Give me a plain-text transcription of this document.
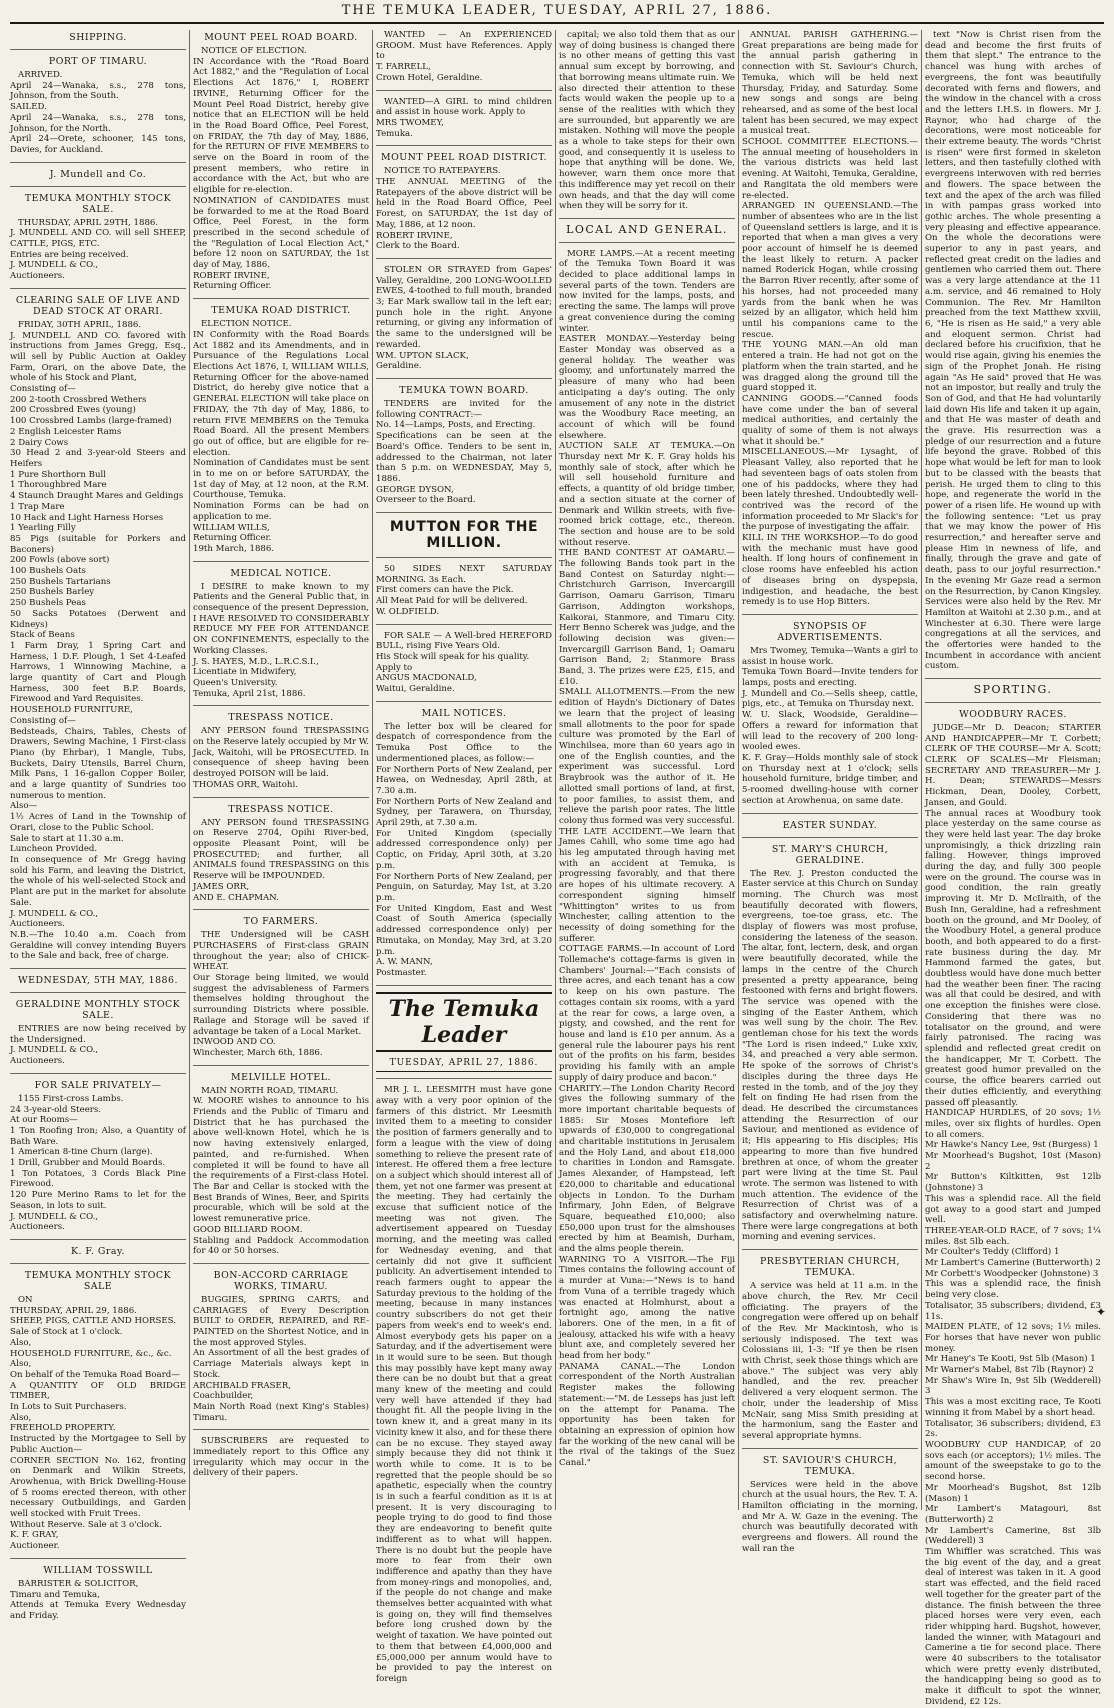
THE TEMUKA LEADER, TUESDAY, APRIL 27, 1886.
SHIPPING.
PORT OF TIMARU.
ARRIVED.
April 24—Wanaka, s.s., 278 tons, Johnson, from the South.
SAILED.
April 24—Wanaka, s.s., 278 tons, Johnson, for the North.
April 24—Orete, schooner, 145 tons, Davies, for Auckland.
J. Mundell and Co.
TEMUKA MONTHLY STOCK SALE.
THURSDAY, APRIL 29TH, 1886.
J. MUNDELL AND CO. will sell SHEEP, CATTLE, PIGS, ETC.
Entries are being received.
J. MUNDELL & CO.,
Auctioneers.
CLEARING SALE OF LIVE AND DEAD STOCK AT ORARI.
FRIDAY, 30TH APRIL, 1886.
J. MUNDELL AND CO. favored with instructions from James Gregg, Esq., will sell by Public Auction at Oakley Farm, Orari, on the above Date, the whole of his Stock and Plant,
Consisting of—
200 2-tooth Crossbred Wethers
200 Crossbred Ewes (young)
100 Crossbred Lambs (large-framed)
2 English Leicester Rams
2 Dairy Cows
30 Head 2 and 3-year-old Steers and Heifers
1 Pure Shorthorn Bull
1 Thoroughbred Mare
4 Staunch Draught Mares and Geldings
1 Trap Mare
10 Hack and Light Harness Horses
1 Yearling Filly
85 Pigs (suitable for Porkers and Baconers)
200 Fowls (above sort)
100 Bushels Oats
250 Bushels Tartarians
250 Bushels Barley
250 Bushels Peas
50 Sacks Potatoes (Derwent and Kidneys)
Stack of Beans
1 Farm Dray, 1 Spring Cart and Harness, 1 D.F. Plough, 1 Set 4-Leafed Harrows, 1 Winnowing Machine, a large quantity of Cart and Plough Harness, 300 feet B.P. Boards, Firewood and Yard Requisites.
HOUSEHOLD FURNITURE,
Consisting of—
Bedsteads, Chairs, Tables, Chests of Drawers, Sewing Machine, 1 First-class Piano (by Ehrbar), 1 Mangle, Tubs, Buckets, Dairy Utensils, Barrel Churn, Milk Pans, 1 16-gallon Copper Boiler, and a large quantity of Sundries too numerous to mention.
Also—
1½ Acres of Land in the Township of Orari, close to the Public School.
Sale to start at 11.30 a.m.
Luncheon Provided.
In consequence of Mr Gregg having sold his Farm, and leaving the District, the whole of his well-selected Stock and Plant are put in the market for absolute Sale.
J. MUNDELL & CO.,
Auctioneers.
N.B.—The 10.40 a.m. Coach from Geraldine will convey intending Buyers to the Sale and back, free of charge.
WEDNESDAY, 5TH MAY, 1886.
GERALDINE MONTHLY STOCK SALE.
ENTRIES are now being received by the Undersigned.
J. MUNDELL & CO.,
Auctioneers.
FOR SALE PRIVATELY—
1155 First-cross Lambs.
24 3-year-old Steers.
At our Rooms—
1 Ton Roofing Iron; Also, a Quantity of Bath Ware.
1 American 8-tine Churn (large).
1 Drill, Grubber and Mould Boards.
1 Ton Potatoes, 3 Cords Black Pine Firewood.
120 Pure Merino Rams to let for the Season, in lots to suit.
J. MUNDELL & CO.,
Auctioneers.
K. F. Gray.
TEMUKA MONTHLY STOCK SALE
ON
THURSDAY, APRIL 29, 1886.
SHEEP, PIGS, CATTLE AND HORSES.
Sale of Stock at 1 o'clock.
Also,
HOUSEHOLD FURNITURE, &c., &c.
Also,
On behalf of the Temuka Road Board—
A QUANTITY OF OLD BRIDGE TIMBER,
In Lots to Suit Purchasers.
Also,
FREEHOLD PROPERTY.
Instructed by the Mortgagee to Sell by Public Auction—
CORNER SECTION No. 162, fronting on Denmark and Wilkin Streets, Arowhenua, with Brick Dwelling-House of 5 rooms erected thereon, with other necessary Outbuildings, and Garden well stocked with Fruit Trees.
Without Reserve. Sale at 3 o'clock.
K. F. GRAY,
Auctioneer.
WILLIAM TOSSWILL
BARRISTER & SOLICITOR,
Timaru and Temuka,
Attends at Temuka Every Wednesday and Friday.
MOUNT PEEL ROAD BOARD.
NOTICE OF ELECTION.
IN Accordance with the "Road Board Act 1882," and the "Regulation of Local Elections Act 1876," I, ROBERT IRVINE, Returning Officer for the Mount Peel Road District, hereby give notice that an ELECTION will be held in the Road Board Office, Peel Forest, on FRIDAY, the 7th day of May, 1886, for the RETURN OF FIVE MEMBERS to serve on the Board in room of the present members, who retire in accordance with the Act, but who are eligible for re-election.
NOMINATION of CANDIDATES must be forwarded to me at the Road Board Office, Peel Forest, in the form prescribed in the second schedule of the "Regulation of Local Election Act," before 12 noon on SATURDAY, the 1st day of May, 1886.
ROBERT IRVINE,
Returning Officer.
TEMUKA ROAD DISTRICT.
ELECTION NOTICE.
IN Conformity with the Road Boards Act 1882 and its Amendments, and in Pursuance of the Regulations Local Elections Act 1876, I, WILLIAM WILLS, Returning Officer for the above-named District, do hereby give notice that a GENERAL ELECTION will take place on FRIDAY, the 7th day of May, 1886, to return FIVE MEMBERS on the Temuka Road Board. All the present Members go out of office, but are eligible for re-election.
Nomination of Candidates must be sent in to me on or before SATURDAY, the 1st day of May, at 12 noon, at the R.M. Courthouse, Temuka.
Nomination Forms can be had on application to me.
WILLIAM WILLS,
Returning Officer.
19th March, 1886.
MEDICAL NOTICE.
I DESIRE to make known to my Patients and the General Public that, in consequence of the present Depression, I HAVE RESOLVED TO CONSIDERABLY REDUCE MY FEE FOR ATTENDANCE ON CONFINEMENTS, especially to the Working Classes.
J. S. HAYES, M.D., L.R.C.S.I.,
Licentiate in Midwifery,
Queen's University.
Temuka, April 21st, 1886.
TRESPASS NOTICE.
ANY PERSON found TRESPASSING on the Reserve lately occupied by Mr W. Jack, Waitohi, will be PROSECUTED. In consequence of sheep having been destroyed POISON will be laid.
THOMAS ORR, Waitohi.
TRESPASS NOTICE.
ANY PERSON found TRESPASSING on Reserve 2704, Opihi River-bed, opposite Pleasant Point, will be PROSECUTED; and further, all ANIMALS found TRESPASSING on this Reserve will be IMPOUNDED.
JAMES ORR,
AND E. CHAPMAN.
TO FARMERS.
THE Undersigned will be CASH PURCHASERS of First-class GRAIN throughout the year; also of CHICK-WHEAT.
Our Storage being limited, we would suggest the advisableness of Farmers themselves holding throughout the surrounding Districts where possible. Railage and Storage will be saved if advantage be taken of a Local Market.
INWOOD AND CO.
Winchester, March 6th, 1886.
MELVILLE HOTEL.
MAIN NORTH ROAD, TIMARU.
W. MOORE wishes to announce to his Friends and the Public of Timaru and District that he has purchased the above well-known Hotel, which he is now having extensively enlarged, painted, and re-furnished. When completed it will be found to have all the requirements of a First-class Hotel. The Bar and Cellar is stocked with the Best Brands of Wines, Beer, and Spirits procurable, which will be sold at the lowest remunerative price.
GOOD BILLIARD ROOM.
Stabling and Paddock Accommodation for 40 or 50 horses.
BON-ACCORD CARRIAGE WORKS, TIMARU.
BUGGIES, SPRING CARTS, and CARRIAGES of Every Description BUILT to ORDER, REPAIRED, and RE-PAINTED on the Shortest Notice, and in the most approved Styles.
An Assortment of all the best grades of Carriage Materials always kept in Stock.
ARCHIBALD FRASER,
Coachbuilder,
Main North Road (next King's Stables) Timaru.
SUBSCRIBERS are requested to immediately report to this Office any irregularity which may occur in the delivery of their papers.
WANTED — An EXPERIENCED GROOM. Must have References. Apply to
T. FARRELL,
Crown Hotel, Geraldine.
WANTED—A GIRL to mind children and assist in house work. Apply to
MRS TWOMEY,
Temuka.
MOUNT PEEL ROAD DISTRICT.
NOTICE TO RATEPAYERS.
THE ANNUAL MEETING of the Ratepayers of the above district will be held in the Road Board Office, Peel Forest, on SATURDAY, the 1st day of May, 1886, at 12 noon.
ROBERT IRVINE,
Clerk to the Board.
STOLEN OR STRAYED from Gapes' Valley, Geraldine, 200 LONG-WOOLLED EWES, 4-toothed to full mouth, branded 3; Ear Mark swallow tail in the left ear; punch hole in the right. Anyone returning, or giving any information of the same to the undersigned will be rewarded.
WM. UPTON SLACK,
Geraldine.
TEMUKA TOWN BOARD.
TENDERS are invited for the following CONTRACT:—
No. 14—Lamps, Posts, and Erecting.
Specifications can be seen at the Board's Office. Tenders to be sent in, addressed to the Chairman, not later than 5 p.m. on WEDNESDAY, May 5, 1886.
GEORGE DYSON,
Overseer to the Board.
MUTTON FOR THE MILLION.
50 SIDES NEXT SATURDAY MORNING. 3s Each.
First comers can have the Pick.
All Meat Paid for will be delivered.
W. OLDFIELD.
FOR SALE — A Well-bred HEREFORD BULL, rising Five Years Old.
His Stock will speak for his quality.
Apply to
ANGUS MACDONALD,
Waitui, Geraldine.
MAIL NOTICES.
The letter box will be cleared for despatch of correspondence from the Temuka Post Office to the undermentioned places, as follow:—
For Northern Ports of New Zealand, per Hawea, on Wednesday, April 28th, at 7.30 a.m.
For Northern Ports of New Zealand and Sydney, per Tarawera, on Thursday, April 29th, at 7.30 a.m.
For United Kingdom (specially addressed correspondence only) per Coptic, on Friday, April 30th, at 3.20 p.m.
For Northern Ports of New Zealand, per Penguin, on Saturday, May 1st, at 3.20 p.m.
For United Kingdom, East and West Coast of South America (specially addressed correspondence only) per Rimutaka, on Monday, May 3rd, at 3.20 p.m.
A. W. MANN,
Postmaster.
The Temuka Leader
TUESDAY, APRIL 27, 1886.
MR J. L. LEESMITH must have gone away with a very poor opinion of the farmers of this district. Mr Leesmith invited them to a meeting to consider the position of farmers generally and to form a league with the view of doing something to relieve the present rate of interest. He offered them a free lecture on a subject which should interest all of them, yet not one farmer was present at the meeting. They had certainly the excuse that sufficient notice of the meeting was not given. The advertisement appeared on Tuesday morning, and the meeting was called for Wednesday evening, and that certainly did not give it sufficient publicity. An advertisement intended to reach farmers ought to appear the Saturday previous to the holding of the meeting, because in many instances country subscribers do not get their papers from week's end to week's end. Almost everybody gets his paper on a Saturday, and if the advertisement were in it would sure to be seen. But though this may possibly have kept many away there can be no doubt but that a great many knew of the meeting and could very well have attended if they had thought fit. All the people living in the town knew it, and a great many in its vicinity knew it also, and for these there can be no excuse. They stayed away simply because they did not think it worth while to come. It is to be regretted that the people should be so apathetic, especially when the country is in such a fearful condition as it is at present. It is very discouraging to people trying to do good to find those they are endeavoring to benefit quite indifferent as to what will happen. There is no doubt but the people have more to fear from their own indifference and apathy than they have from money-rings and monopolies, and, if the people do not change and make themselves better acquainted with what is going on, they will find themselves before long crushed down by the weight of taxation. We have pointed out to them that between £4,000,000 and £5,000,000 per annum would have to be provided to pay the interest on foreign
capital; we also told them that as our way of doing business is changed there is no other means of getting this vast annual sum except by borrowing, and that borrowing means ultimate ruin. We also directed their attention to these facts would waken the people up to a sense of the realities with which they are surrounded, but apparently we are mistaken. Nothing will move the people as a whole to take steps for their own good, and consequently it is useless to hope that anything will be done. We, however, warn them once more that this indifference may yet recoil on their own heads, and that the day will come when they will be sorry for it.
LOCAL AND GENERAL.
MORE LAMPS.—At a recent meeting of the Temuka Town Board it was decided to place additional lamps in several parts of the town. Tenders are now invited for the lamps, posts, and erecting the same. The lamps will prove a great convenience during the coming winter.
EASTER MONDAY.—Yesterday being Easter Monday was observed as a general holiday. The weather was gloomy, and unfortunately marred the pleasure of many who had been anticipating a day's outing. The only amusement of any note in the district was the Woodbury Race meeting, an account of which will be found elsewhere.
AUCTION SALE AT TEMUKA.—On Thursday next Mr K. F. Gray holds his monthly sale of stock, after which he will sell household furniture and effects, a quantity of old bridge timber, and a section situate at the corner of Denmark and Wilkin streets, with five-roomed brick cottage, etc., thereon. The section and house are to be sold without reserve.
THE BAND CONTEST AT OAMARU.—The following Bands took part in the Band Contest on Saturday night:—Christchurch Garrison, Invercargill Garrison, Oamaru Garrison, Timaru Garrison, Addington workshops, Kaikorai, Stanmore, and Timaru City. Herr Benno Scherek was judge, and the following decision was given:—Invercargill Garrison Band, 1; Oamaru Garrison Band, 2; Stanmore Brass Band, 3. The prizes were £25, £15, and £10.
SMALL ALLOTMENTS.—From the new edition of Haydn's Dictionary of Dates we learn that the project of leasing small allotments to the poor for spade culture was promoted by the Earl of Winchilsea, more than 60 years ago in one of the English counties, and the experiment was successful. Lord Braybrook was the author of it. He allotted small portions of land, at first, to poor families, to assist them, and relieve the parish poor rates. The little colony thus formed was very successful.
THE LATE ACCIDENT.—We learn that James Cahill, who some time ago had his leg amputated through having met with an accident at Temuka, is progressing favorably, and that there are hopes of his ultimate recovery. A correspondent signing himself "Whittington" writes to us from Winchester, calling attention to the necessity of doing something for the sufferer.
COTTAGE FARMS.—In account of Lord Tollemache's cottage-farms is given in Chambers' Journal:—"Each consists of three acres, and each tenant has a cow to keep on his own pasture. The cottages contain six rooms, with a yard at the rear for cows, a large oven, a pigsty, and cowshed, and the rent for house and land is £10 per annum. As a general rule the labourer pays his rent out of the profits on his farm, besides providing his family with an ample supply of dairy produce and bacon."
CHARITY.—The London Charity Record gives the following summary of the more important charitable bequests of 1885: Sir Moses Montefiore left upwards of £30,000 to congregational and charitable institutions in Jerusalem and the Holy Land, and about £18,000 to charities in London and Ramsgate. James Alexander, of Hampstead, left £20,000 to charitable and educational objects in London. To the Durham Infirmary, John Eden, of Belgrave Square, bequeathed £10,000; also £50,000 upon trust for the almshouses erected by him at Beamish, Durham, and the alms people therein.
WARNING TO A VISITOR.—The Fiji Times contains the following account of a murder at Vuna:—"News is to hand from Vuna of a terrible tragedy which was enacted at Holmhurst, about a fortnight ago, among the native laborers. One of the men, in a fit of jealousy, attacked his wife with a heavy blunt axe, and completely severed her head from her body."
PANAMA CANAL.—The London correspondent of the North Australian Register makes the following statement:—"M. de Lesseps has just left on the attempt for Panama. The opportunity has been taken for obtaining an expression of opinion how far the working of the new canal will be the rival of the takings of the Suez Canal."
ANNUAL PARISH GATHERING.—Great preparations are being made for the annual parish gathering in connection with St. Saviour's Church, Temuka, which will be held next Thursday, Friday, and Saturday. Some new songs and songs are being rehearsed, and as some of the best local talent has been secured, we may expect a musical treat.
SCHOOL COMMITTEE ELECTIONS.—The annual meeting of householders in the various districts was held last evening. At Waitohi, Temuka, Geraldine, and Rangitata the old members were re-elected.
ARRANGED IN QUEENSLAND.—The number of absentees who are in the list of Queensland settlers is large, and it is reported that when a man gives a very poor account of himself he is deemed the least likely to return. A packer named Roderick Hogan, while crossing the Barron River recently, after some of his horses, had not proceeded many yards from the bank when he was seized by an alligator, which held him until his companions came to the rescue.
THE YOUNG MAN.—An old man entered a train. He had not got on the platform when the train started, and he was dragged along the ground till the guard stopped it.
CANNING GOODS.—"Canned foods have come under the ban of several medical authorities, and certainly the quality of some of them is not always what it should be."
MISCELLANEOUS.—Mr Lysaght, of Pleasant Valley, also reported that he had seventeen bags of oats stolen from one of his paddocks, where they had been lately threshed. Undoubtedly well-contrived was the record of the information proceeded to Mr Slack's for the purpose of investigating the affair.
KILL IN THE WORKSHOP.—To do good with the mechanic must have good health. If long hours of confinement in close rooms have enfeebled his action of diseases bring on dyspepsia, indigestion, and headache, the best remedy is to use Hop Bitters.
SYNOPSIS OF ADVERTISEMENTS.
Mrs Twomey, Temuka—Wants a girl to assist in house work.
Temuka Town Board—Invite tenders for lamps, posts and erecting.
J. Mundell and Co.—Sells sheep, cattle, pigs, etc., at Temuka on Thursday next.
W. U. Slack, Woodside, Geraldine—Offers a reward for information that will lead to the recovery of 200 long-wooled ewes.
K. F. Gray—Holds monthly sale of stock on Thursday next at 1 o'clock; sells household furniture, bridge timber, and 5-roomed dwelling-house with corner section at Arowhenua, on same date.
EASTER SUNDAY.
ST. MARY'S CHURCH, GERALDINE.
The Rev. J. Preston conducted the Easter service at this Church on Sunday morning. The Church was most beautifully decorated with flowers, evergreens, toe-toe grass, etc. The display of flowers was most profuse, considering the lateness of the season. The altar, font, lectern, desk, and organ were beautifully decorated, while the lamps in the centre of the Church presented a pretty appearance, being festooned with ferns and bright flowers. The service was opened with the singing of the Easter Anthem, which was well sung by the choir. The Rev. gentleman chose for his text the words "The Lord is risen indeed," Luke xxiv, 34, and preached a very able sermon. He spoke of the sorrows of Christ's disciples during the three days He rested in the tomb, and of the joy they felt on finding He had risen from the dead. He described the circumstances attending the Resurrection of our Saviour, and mentioned as evidence of it; His appearing to His disciples; His appearing to more than five hundred brethren at once, of whom the greater part were living at the time St. Paul wrote. The sermon was listened to with much attention. The evidence of the Resurrection of Christ was of a satisfactory and overwhelming nature. There were large congregations at both morning and evening services.
PRESBYTERIAN CHURCH, TEMUKA.
A service was held at 11 a.m. in the above church, the Rev. Mr Cecil officiating. The prayers of the congregation were offered up on behalf of the Rev. Mr Mackintosh, who is seriously indisposed. The text was Colossians iii, 1-3: "If ye then be risen with Christ, seek those things which are above." The subject was very ably handled, and the rev. preacher delivered a very eloquent sermon. The choir, under the leadership of Miss McNair, sang Miss Smith presiding at the harmonium, sang the Easter and several appropriate hymns.
ST. SAVIOUR'S CHURCH, TEMUKA.
Services were held in the above church at the usual hours, the Rev. T. A. Hamilton officiating in the morning, and Mr A. W. Gaze in the evening. The church was beautifully decorated with evergreens and flowers. All round the wall ran the
text "Now is Christ risen from the dead and become the first fruits of them that slept." The entrance to the chancel was hung with arches of evergreens, the font was beautifully decorated with ferns and flowers, and the window in the chancel with a cross and the letters I.H.S. in flowers. Mr J. Raynor, who had charge of the decorations, were most noticeable for their extreme beauty. The words "Christ is risen" were first formed in skeleton letters, and then tastefully clothed with evergreens interwoven with red berries and flowers. The space between the text and the apex of the arch was filled in with pampas grass worked into gothic arches. The whole presenting a very pleasing and effective appearance. On the whole the decorations were superior to any in past years, and reflected great credit on the ladies and gentlemen who carried them out. There was a very large attendance at the 11 a.m. service, and 46 remained to Holy Communion. The Rev. Mr Hamilton preached from the text Matthew xxviii, 6, "He is risen as He said," a very able and eloquent sermon. Christ had declared before his crucifixion, that he would rise again, giving his enemies the sign of the Prophet Jonah. He rising again "As He said" proved that He was not an impostor, but really and truly the Son of God, and that He had voluntarily laid down His life and taken it up again, and that He was master of death and the grave. His resurrection was a pledge of our resurrection and a future life beyond the grave. Robbed of this hope what would be left for man to look but to be classed with the beasts that perish. He urged them to cling to this hope, and regenerate the world in the power of a risen life. He wound up with the following sentence: "Let us pray that we may know the power of His resurrection," and hereafter serve and please Him in newness of life, and finally, through the grave and gate of death, pass to our joyful resurrection." In the evening Mr Gaze read a sermon on the Resurrection, by Canon Kingsley. Services were also held by the Rev. Mr Hamilton at Waitohi at 2.30 p.m., and at Winchester at 6.30. There were large congregations at all the services, and the offertories were handed to the Incumbent in accordance with ancient custom.
SPORTING.
WOODBURY RACES.
JUDGE—Mr D. Deacon; STARTER AND HANDICAPPER—Mr T. Corbett; CLERK OF THE COURSE—Mr A. Scott; CLERK OF SCALES—Mr Fleisman; SECRETARY AND TREASURER—Mr J. H. Dean; STEWARDS—Messrs Hickman, Dean, Dooley, Corbett, Jansen, and Gould.
The annual races at Woodbury took place yesterday on the same course as they were held last year. The day broke unpromisingly, a thick drizzling rain falling. However, things improved during the day, and fully 300 people were on the ground. The course was in good condition, the rain greatly improving it. Mr D. McIlraith, of the Bush Inn, Geraldine, had a refreshment booth on the ground, and Mr Dooley, of the Woodbury Hotel, a general produce booth, and both appeared to do a first-rate business during the day. Mr Hammond farmed the gates, but doubtless would have done much better had the weather been finer. The racing was all that could be desired, and with one exception the finishes were close. Considering that there was no totalisator on the ground, and were fairly patronised. The racing was splendid and reflected great credit on the handicapper, Mr T. Corbett. The greatest good humor prevailed on the course, the office bearers carried out their duties efficiently, and everything passed off pleasantly.
HANDICAP HURDLES, of 20 sovs; 1½ miles, over six flights of hurdles. Open to all comers.
Mr Hawke's Nancy Lee, 9st (Burgess) 1
Mr Moorhead's Bugshot, 10st (Mason) 2
Mr Button's Kiltkitten, 9st 12lb (Johnstone) 3
This was a splendid race. All the field got away to a good start and jumped well.
THREE-YEAR-OLD RACE, of 7 sovs; 1¼ miles. 8st 5lb each.
Mr Coulter's Teddy (Clifford) 1
Mr Lambert's Camerine (Butterworth) 2
Mr Corbett's Woodpecker (Johnstone) 3
This was a splendid race, the finish being very close.
Totalisator, 35 subscribers; dividend, £3 11s.
MAIDEN PLATE, of 12 sovs; 1½ miles. For horses that have never won public money.
Mr Haney's Te Kooti, 9st 5lb (Mason) 1
Mr Warner's Mabel, 8st 7lb (Raynor) 2
Mr Shaw's Wire In, 9st 5lb (Wedderell) 3
This was a most exciting race, Te Kooti winning it from Mabel by a short head.
Totalisator, 36 subscribers; dividend, £3 2s.
WOODBURY CUP HANDICAP, of 20 sovs each (or acceptors); 1½ miles. The amount of the sweepstake to go to the second horse.
Mr Moorhead's Bugshot, 8st 12lb (Mason) 1
Mr Lambert's Matagouri, 8st (Butterworth) 2
Mr Lambert's Camerine, 8st 3lb (Wedderell) 3
Tim Whiffler was scratched. This was the big event of the day, and a great deal of interest was taken in it. A good start was effected, and the field raced well together for the greater part of the distance. The finish between the three placed horses were very even, each rider whipping hard. Bugshot, however, landed the winner, with Matagouri and Camerine a tie for second place. There were 40 subscribers to the totalisator which were pretty evenly distributed, the handicapping being so good as to make it difficult to spot the winner, Dividend, £2 12s.
✦
